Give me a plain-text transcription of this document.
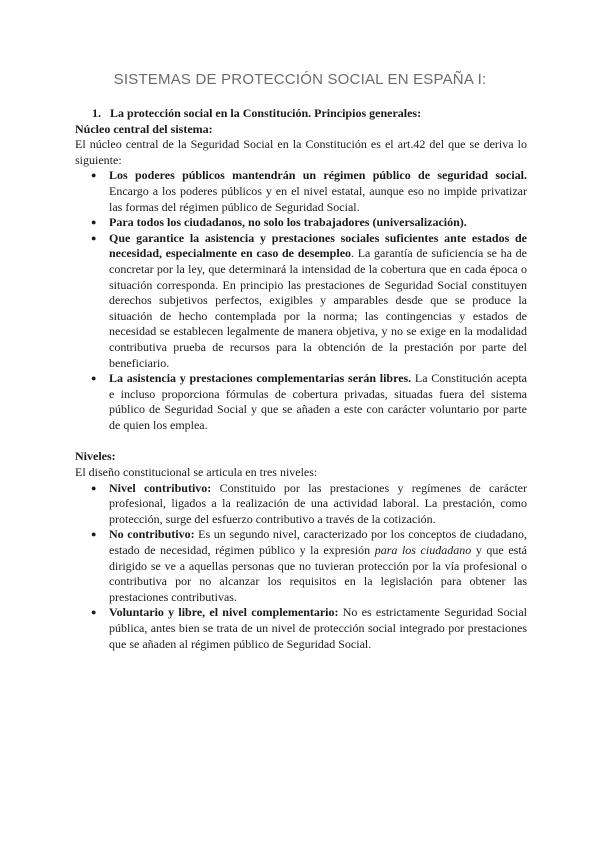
SISTEMAS DE PROTECCIÓN SOCIAL EN ESPAÑA I:

1. La protección social en la Constitución. Principios generales:

Núcleo central del sistema:

El núcleo central de la Seguridad Social en la Constitución es el art.42 del que se deriva lo siguiente:

● Los poderes públicos mantendrán un régimen público de seguridad social. Encargo a los poderes públicos y en el nivel estatal, aunque eso no impide privatizar las formas del régimen público de Seguridad Social.
● Para todos los ciudadanos, no solo los trabajadores (universalización).
● Que garantice la asistencia y prestaciones sociales suficientes ante estados de necesidad, especialmente en caso de desempleo. La garantía de suficiencia se ha de concretar por la ley, que determinará la intensidad de la cobertura que en cada época o situación corresponda. En principio las prestaciones de Seguridad Social constituyen derechos subjetivos perfectos, exigibles y amparables desde que se produce la situación de hecho contemplada por la norma; las contingencias y estados de necesidad se establecen legalmente de manera objetiva, y no se exige en la modalidad contributiva prueba de recursos para la obtención de la prestación por parte del beneficiario.
● La asistencia y prestaciones complementarias serán libres. La Constitución acepta e incluso proporciona fórmulas de cobertura privadas, situadas fuera del sistema público de Seguridad Social y que se añaden a este con carácter voluntario por parte de quien los emplea.

Niveles:

El diseño constitucional se articula en tres niveles:

● Nivel contributivo: Constituido por las prestaciones y regímenes de carácter profesional, ligados a la realización de una actividad laboral. La prestación, como protección, surge del esfuerzo contributivo a través de la cotización.
● No contributivo: Es un segundo nivel, caracterizado por los conceptos de ciudadano, estado de necesidad, régimen público y la expresión para los ciudadano y que está dirigido se ve a aquellas personas que no tuvieran protección por la vía profesional o contributiva por no alcanzar los requisitos en la legislación para obtener las prestaciones contributivas.
● Voluntario y libre, el nivel complementario: No es estrictamente Seguridad Social pública, antes bien se trata de un nivel de protección social integrado por prestaciones que se añaden al régimen público de Seguridad Social.
